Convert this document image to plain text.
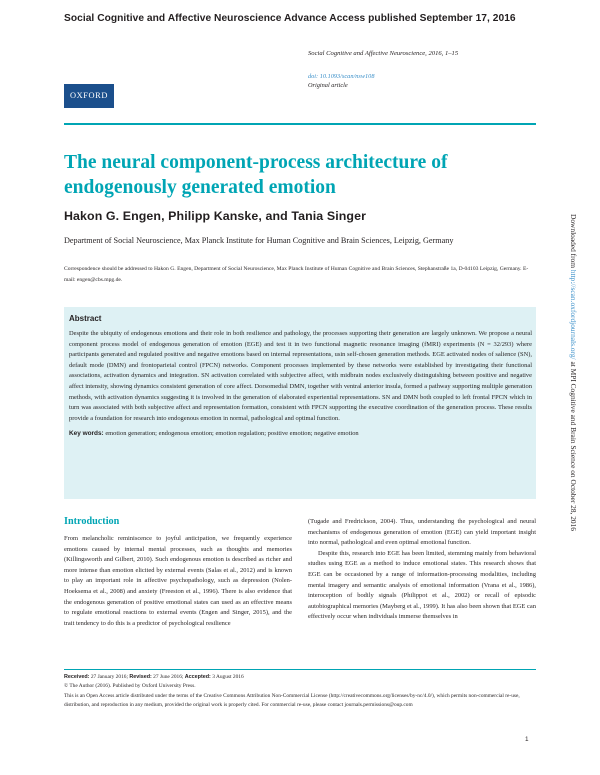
Social Cognitive and Affective Neuroscience Advance Access published September 17, 2016
OXFORD
Social Cognitive and Affective Neuroscience, 2016, 1–15
doi: 10.1093/scan/nsw108
Original article
The neural component-process architecture of endogenously generated emotion
Hakon G. Engen, Philipp Kanske, and Tania Singer
Department of Social Neuroscience, Max Planck Institute for Human Cognitive and Brain Sciences, Leipzig, Germany
Correspondence should be addressed to Hakon G. Engen, Department of Social Neuroscience, Max Planck Institute of Human Cognitive and Brain Sciences, Stephanstraße 1a, D-04103 Leipzig, Germany. E-mail: engen@cbs.mpg.de.
Abstract

Despite the ubiquity of endogenous emotions and their role in both resilience and pathology, the processes supporting their generation are largely unknown. We propose a neural component process model of endogenous generation of emotion (EGE) and test it in two functional magnetic resonance imaging (fMRI) experiments (N = 32/293) where participants generated and regulated positive and negative emotions based on internal representations, usin self-chosen generation methods. EGE activated nodes of salience (SN), default mode (DMN) and frontoparietal control (FPCN) networks. Component processes implemented by these networks were established by investigating their functional associations, activation dynamics and integration. SN activation correlated with subjective affect, with midbrain nodes exclusively distinguishing between positive and negative affect intensity, showing dynamics consistent generation of core affect. Dorsomedial DMN, together with ventral anterior insula, formed a pathway supporting multiple generation methods, with activation dynamics suggesting it is involved in the generation of elaborated experiential representations. SN and DMN both coupled to left frontal FPCN which in turn was associated with both subjective affect and representation formation, consistent with FPCN supporting the executive coordination of the generation process. These results provide a foundation for research into endogenous emotion in normal, pathological and optimal function.

Key words: emotion generation; endogenous emotion; emotion regulation; positive emotion; negative emotion

Introduction

From melancholic reminiscence to joyful anticipation, we frequently experience emotions caused by internal mental processes, such as thoughts and memories (Killingsworth and Gilbert, 2010). Such endogenous emotion is described as richer and more intense than emotion elicited by external events (Salas et al., 2012) and is known to play an important role in affective psychopathology, such as depression (Nolen-Hoeksema et al., 2008) and anxiety (Freeston et al., 1996). There is also evidence that the endogenous generation of positive emotional states can used as an effective means to regulate emotional reactions to external events (Engen and Singer, 2015), and the trait tendency to do this is a predictor of psychological resilience

(Tugade and Fredrickson, 2004). Thus, understanding the psychological and neural mechanisms of endogenous generation of emotion (EGE) can yield important insight into normal, pathological and even optimal emotional function.

Despite this, research into EGE has been limited, stemming mainly from behavioral studies using EGE as a method to induce emotional states. This research shows that EGE can be occasioned by a range of information-processing modalities, including mental imagery and semantic analysis of emotional information (Vrana et al., 1986), interoception of bodily signals (Philippot et al., 2002) or recall of episodic autobiographical memories (Mayberg et al., 1999). It has also been shown that EGE can effectively occur when individuals immerse themselves in

Received: 27 January 2016; Revised: 27 June 2016; Accepted: 3 August 2016
© The Author (2016). Published by Oxford University Press.
This is an Open Access article distributed under the terms of the Creative Commons Attribution Non-Commercial License (http://creativecommons.org/licenses/by-nc/4.0/), which permits non-commercial re-use, distribution, and reproduction in any medium, provided the original work is properly cited. For commercial re-use, please contact journals.permissions@oup.com
1
Downloaded from http://scan.oxfordjournals.org/ at MPI Cognitive and Brain Science on October 28, 2016
